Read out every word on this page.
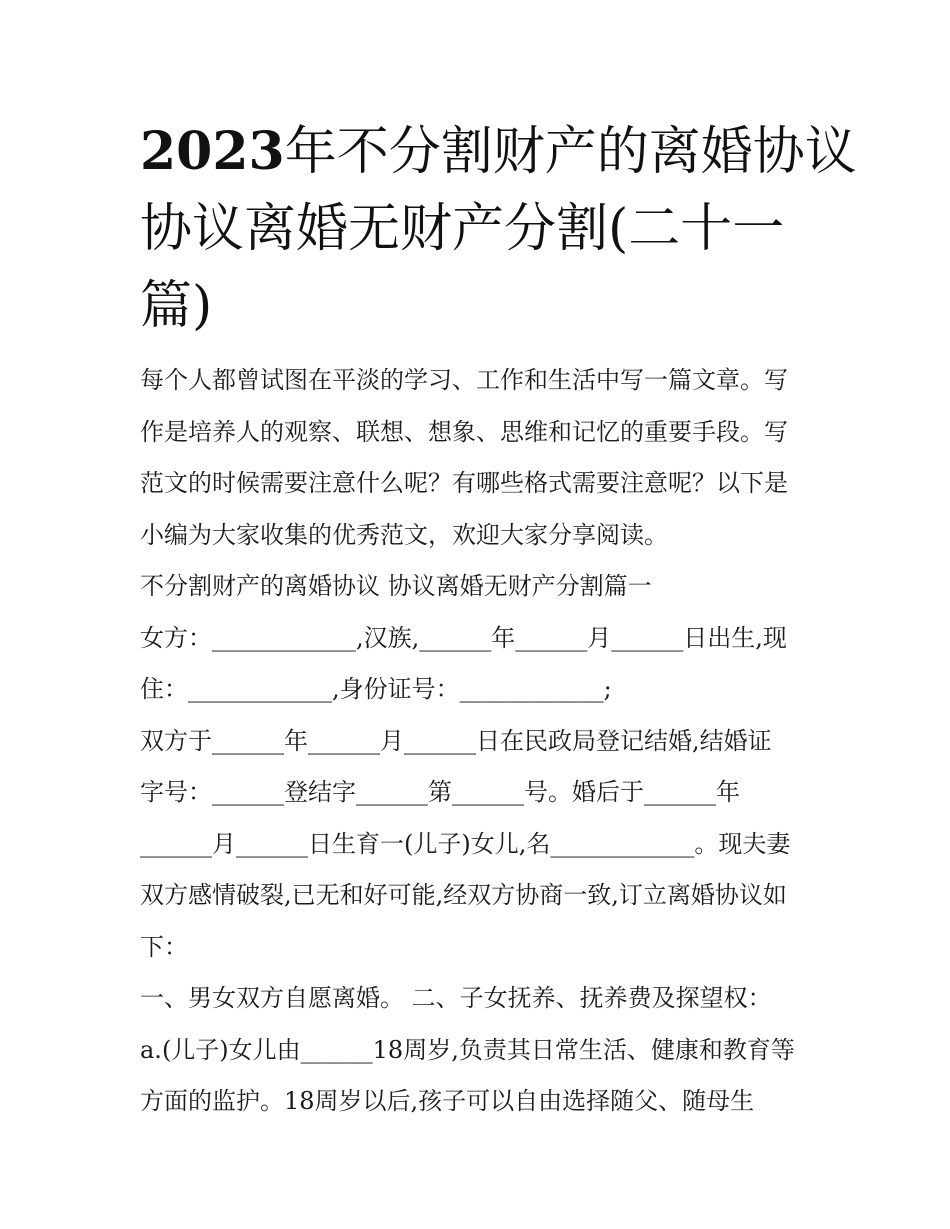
2023年不分割财产的离婚协议
协议离婚无财产分割(二十一
篇)
每个人都曾试图在平淡的学习、工作和生活中写一篇文章。写
作是培养人的观察、联想、想象、思维和记忆的重要手段。写
范文的时候需要注意什么呢？有哪些格式需要注意呢？以下是
小编为大家收集的优秀范文，欢迎大家分享阅读。
不分割财产的离婚协议 协议离婚无财产分割篇一
女方：____________,汉族,______年______月______日出生,现
住：____________,身份证号：____________;
双方于______年______月______日在民政局登记结婚,结婚证
字号：______登结字______第______号。婚后于______年
______月______日生育一(儿子)女儿,名____________。现夫妻
双方感情破裂,已无和好可能,经双方协商一致,订立离婚协议如
下：
一、男女双方自愿离婚。 二、子女抚养、抚养费及探望权：
a.(儿子)女儿由______18周岁,负责其日常生活、健康和教育等
方面的监护。18周岁以后,孩子可以自由选择随父、随母生
